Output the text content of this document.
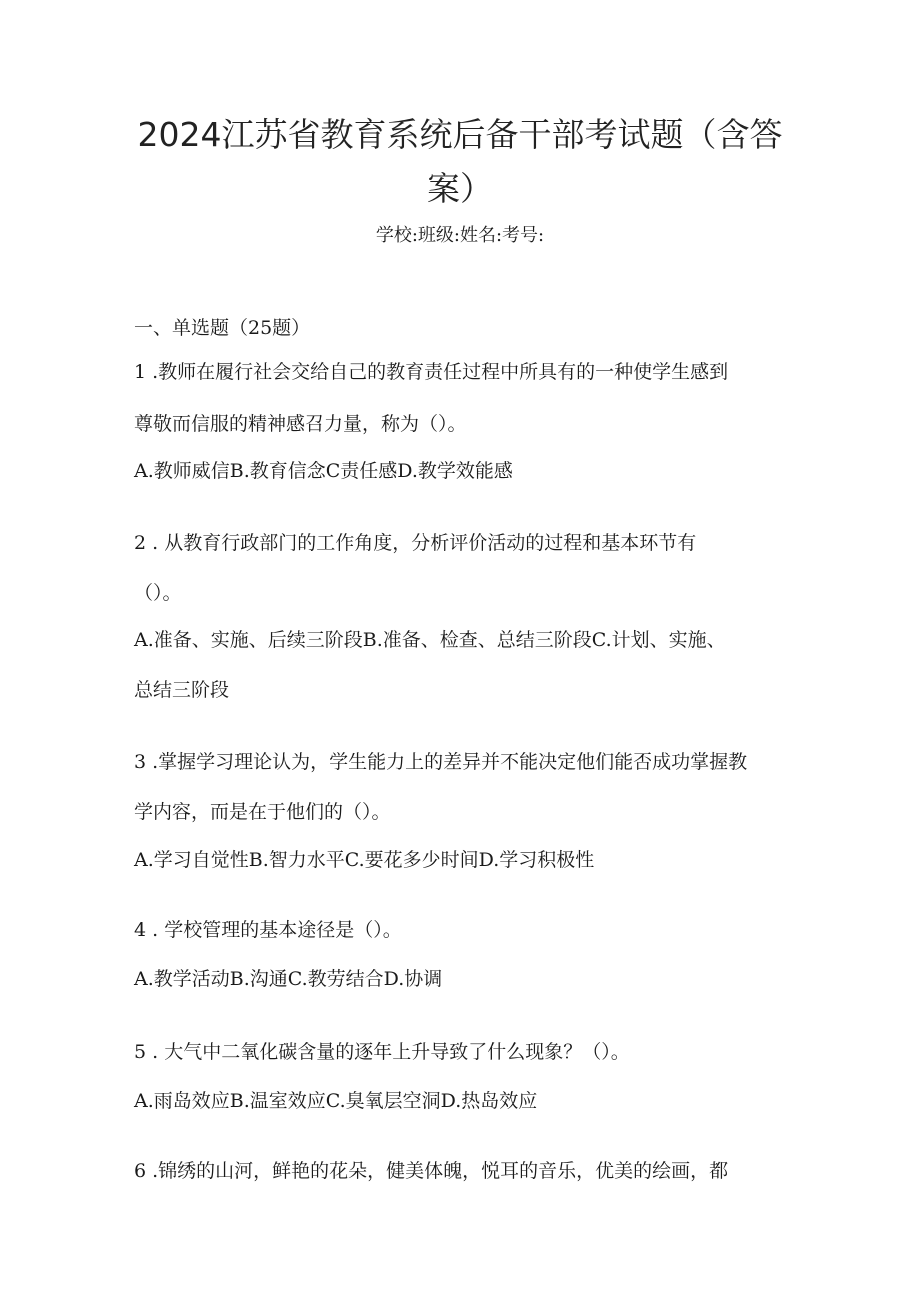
2024江苏省教育系统后备干部考试题（含答
案）
学校:班级:姓名:考号:
一、单选题（25题）
1 .教师在履行社会交给自己的教育责任过程中所具有的一种使学生感到
尊敬而信服的精神感召力量，称为（）。
A.教师威信B.教育信念C责任感D.教学效能感
2 . 从教育行政部门的工作角度，分析评价活动的过程和基本环节有
（）。
A.准备、实施、后续三阶段B.准备、检查、总结三阶段C.计划、实施、
总结三阶段
3 .掌握学习理论认为，学生能力上的差异并不能决定他们能否成功掌握教
学内容，而是在于他们的（）。
A.学习自觉性B.智力水平C.要花多少时间D.学习积极性
4 . 学校管理的基本途径是（）。
A.教学活动B.沟通C.教劳结合D.协调
5 . 大气中二氧化碳含量的逐年上升导致了什么现象？（）。
A.雨岛效应B.温室效应C.臭氧层空洞D.热岛效应
6 .锦绣的山河，鲜艳的花朵，健美体魄，悦耳的音乐，优美的绘画，都
